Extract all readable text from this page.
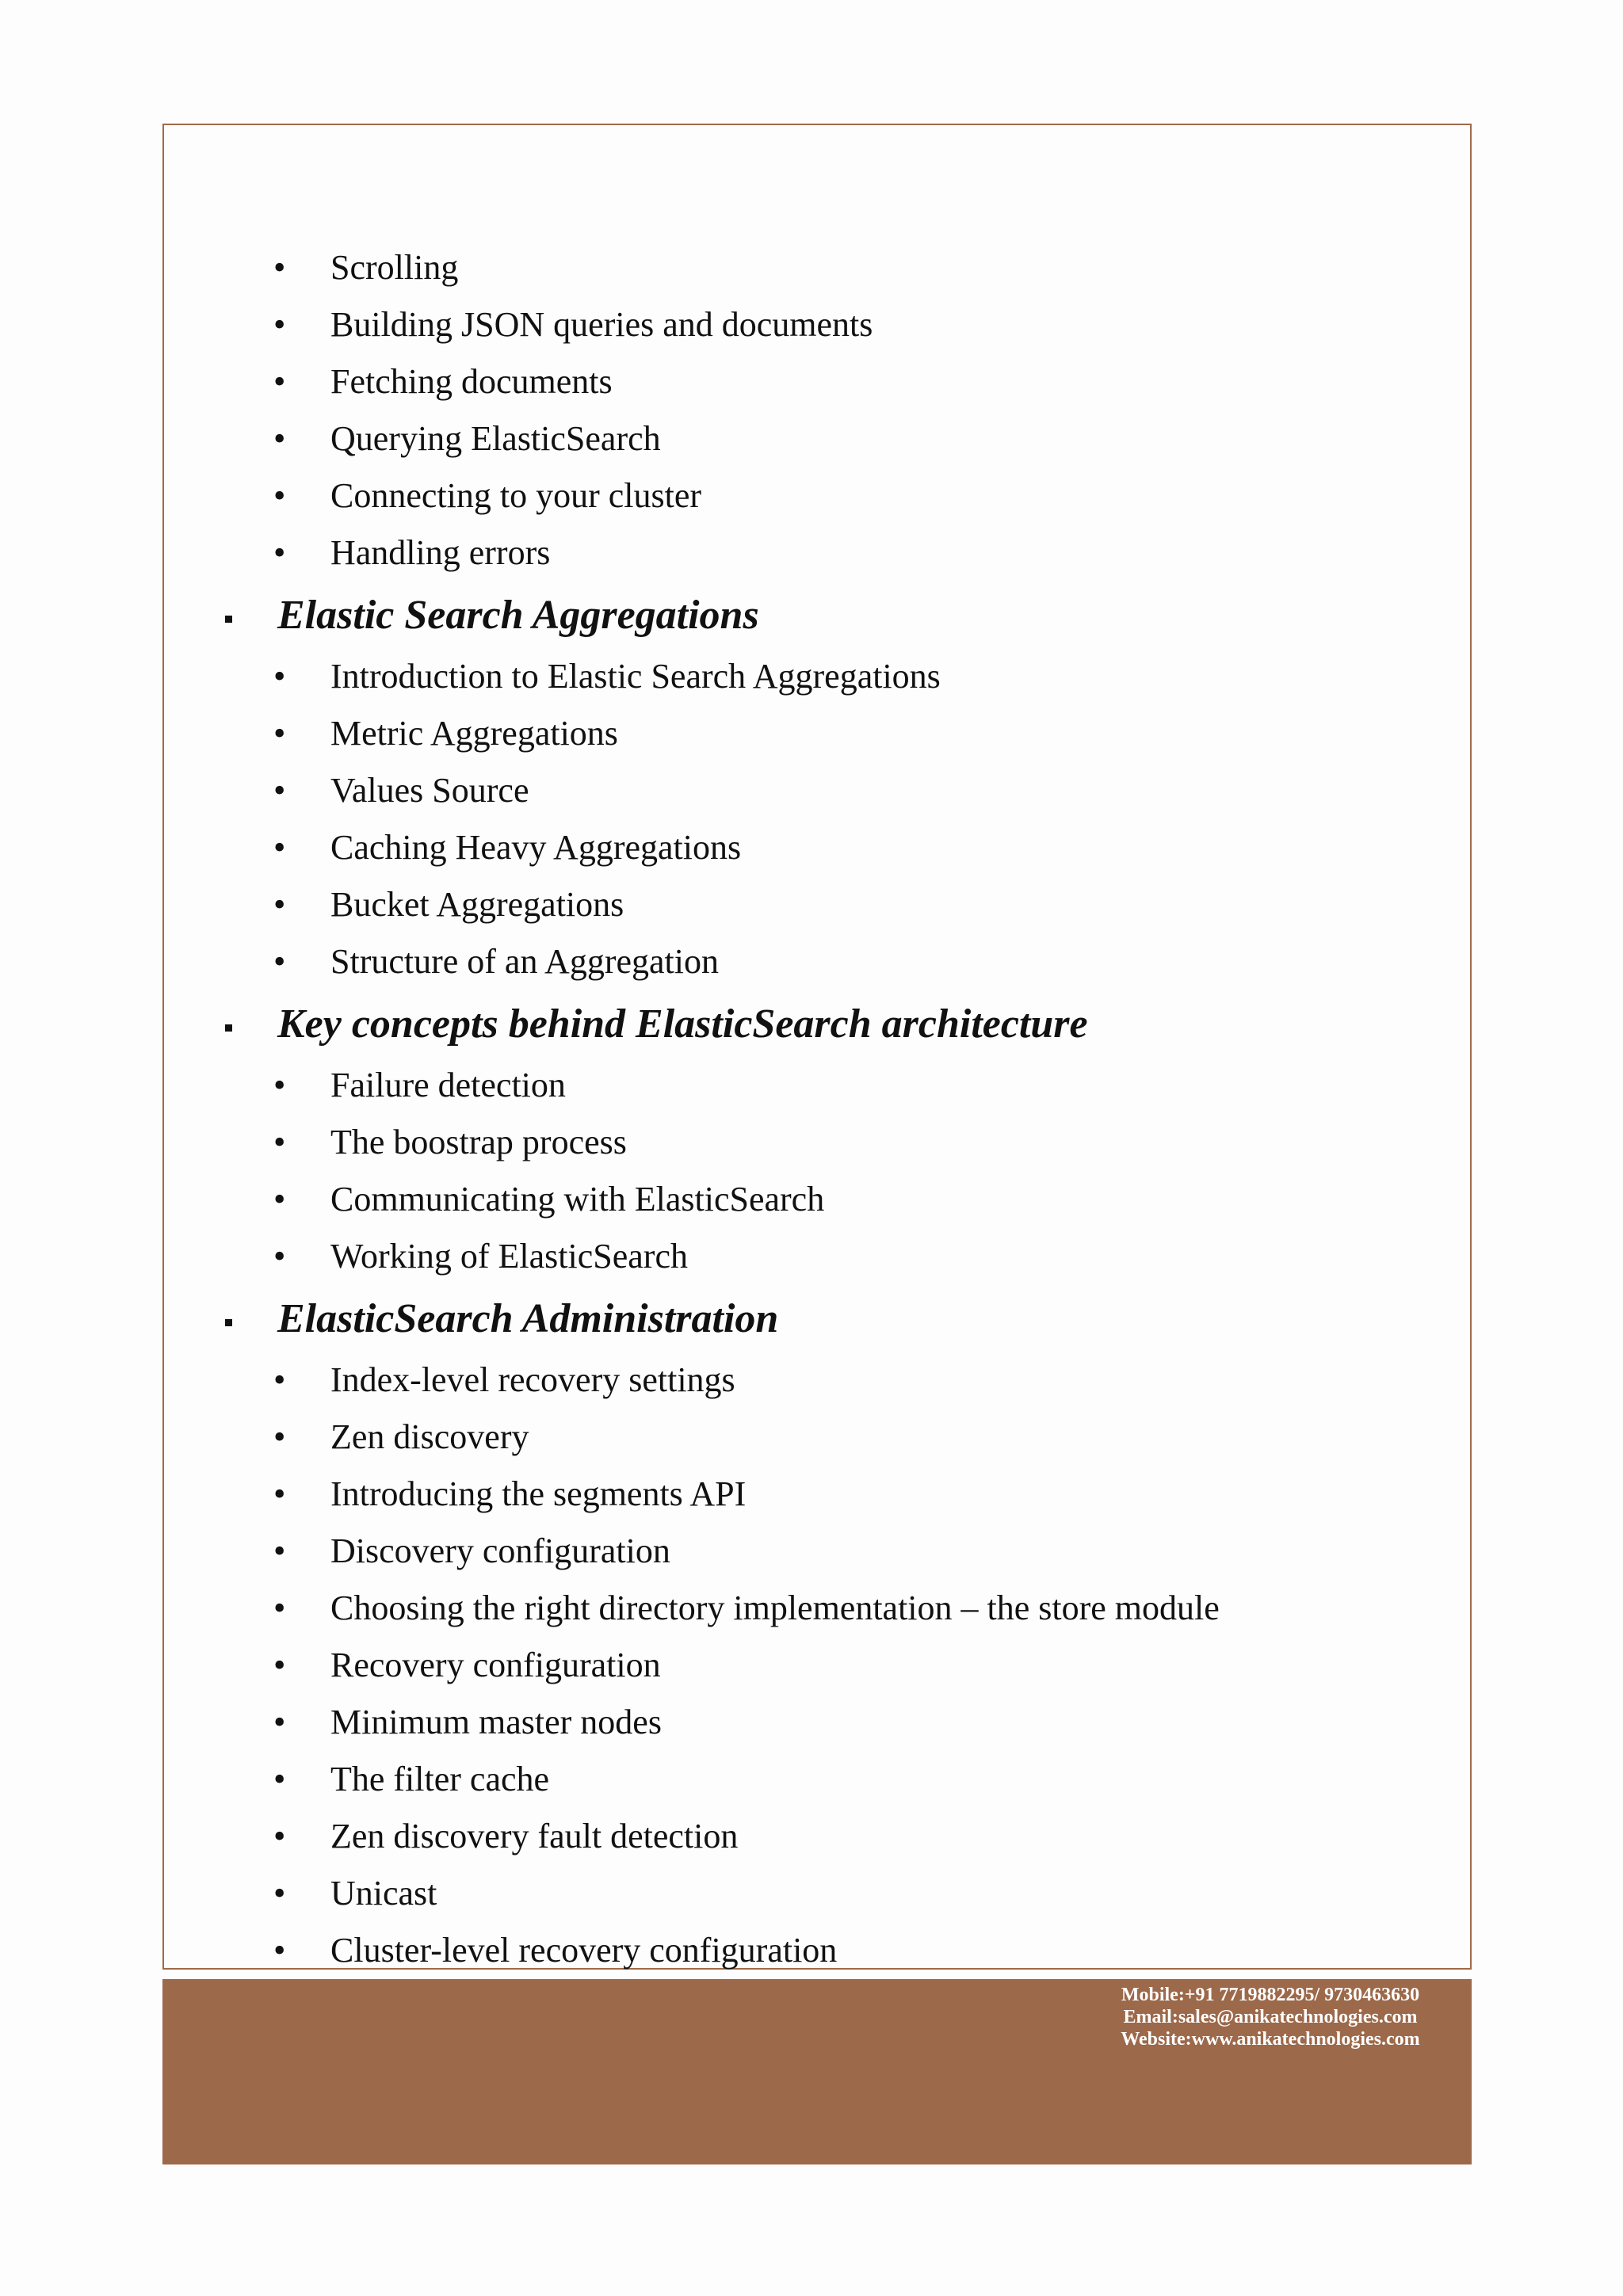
• Scrolling
• Building JSON queries and documents
• Fetching documents
• Querying ElasticSearch
• Connecting to your cluster
• Handling errors
Elastic Search Aggregations
• Introduction to Elastic Search Aggregations
• Metric Aggregations
• Values Source
• Caching Heavy Aggregations
• Bucket Aggregations
• Structure of an Aggregation
Key concepts behind ElasticSearch architecture
• Failure detection
• The boostrap process
• Communicating with ElasticSearch
• Working of ElasticSearch
ElasticSearch Administration
• Index-level recovery settings
• Zen discovery
• Introducing the segments API
• Discovery configuration
• Choosing the right directory implementation – the store module
• Recovery configuration
• Minimum master nodes
• The filter cache
• Zen discovery fault detection
• Unicast
• Cluster-level recovery configuration
Mobile:+91 7719882295/ 9730463630
Email:sales@anikatechnologies.com
Website:www.anikatechnologies.com
